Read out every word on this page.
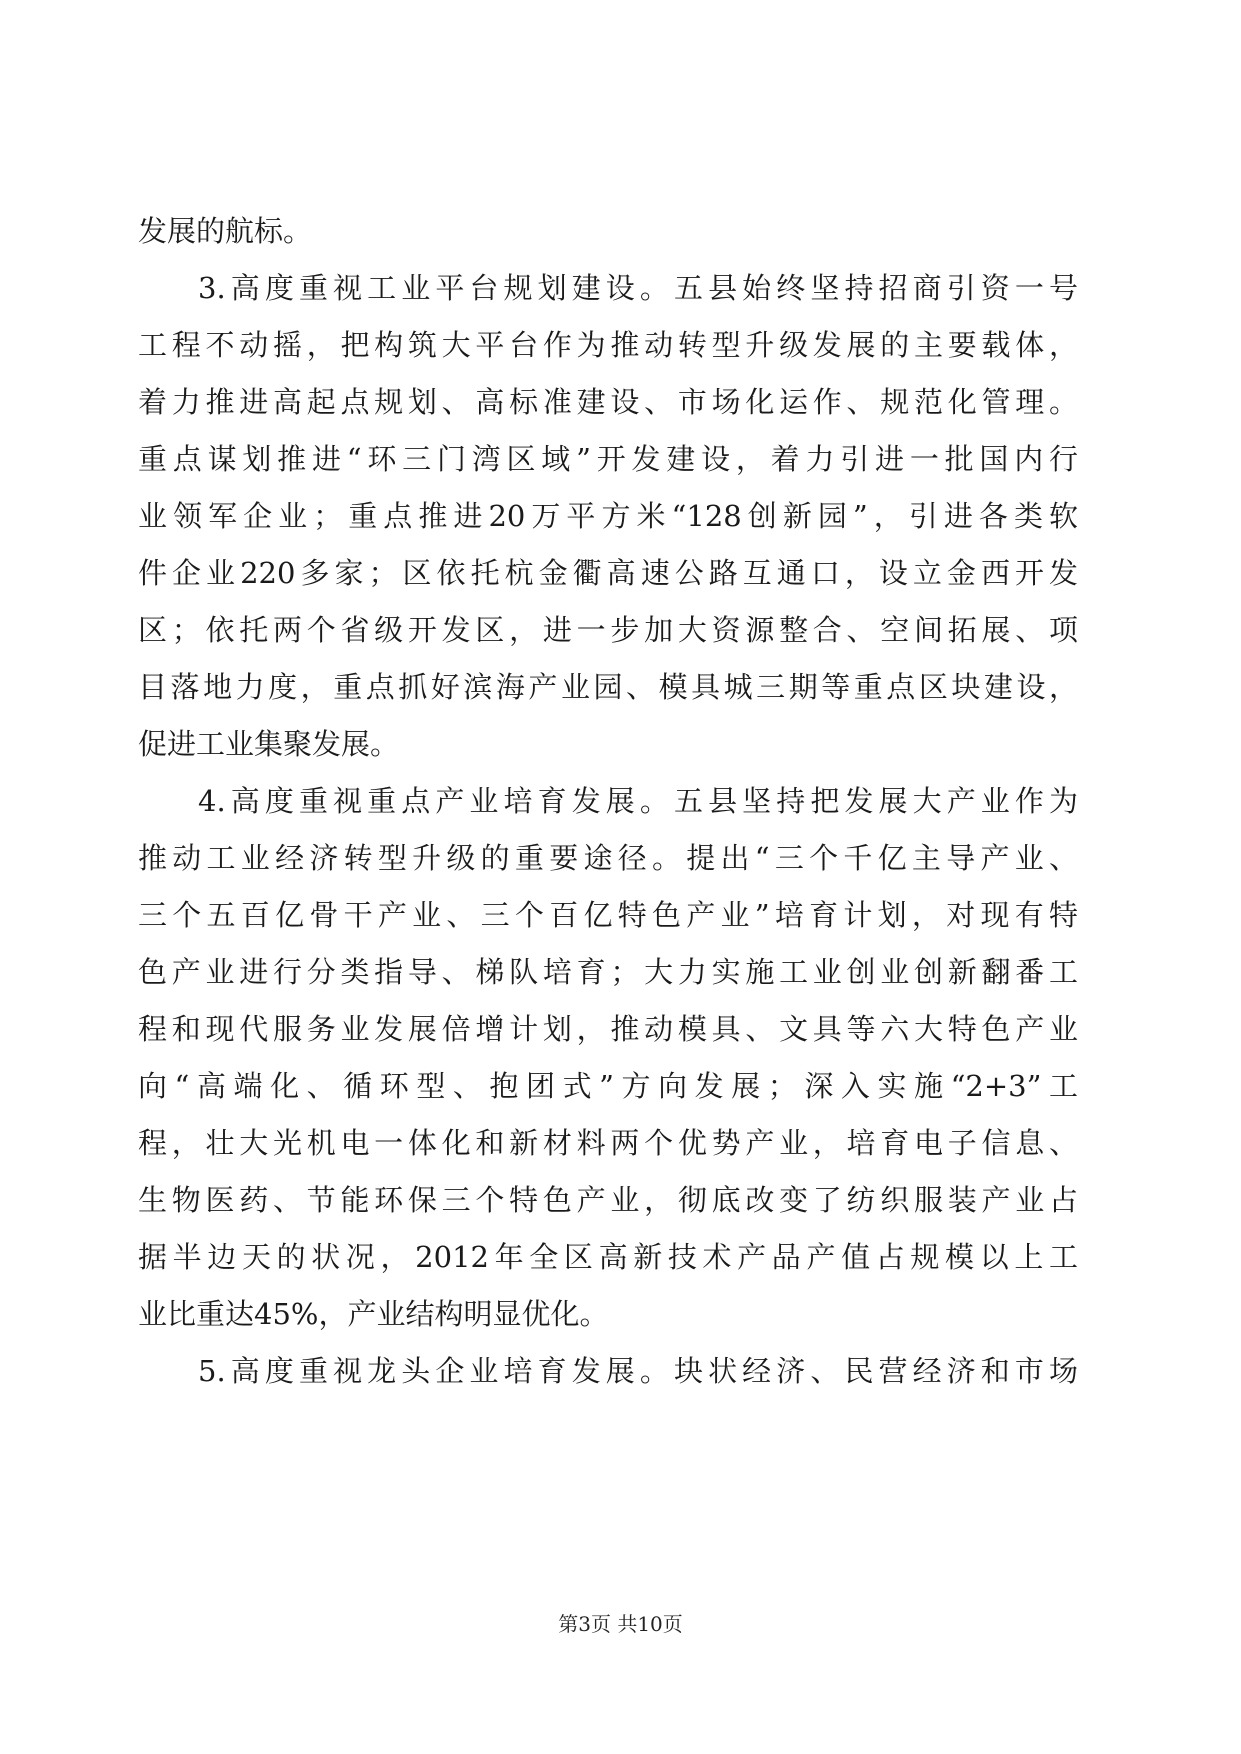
发展的航标。
3.高度重视工业平台规划建设。五县始终坚持招商引资一号
工程不动摇，把构筑大平台作为推动转型升级发展的主要载体，
着力推进高起点规划、高标准建设、市场化运作、规范化管理。
重点谋划推进“环三门湾区域”开发建设，着力引进一批国内行
业领军企业；重点推进20万平方米“128创新园”，引进各类软
件企业220多家；区依托杭金衢高速公路互通口，设立金西开发
区；依托两个省级开发区，进一步加大资源整合、空间拓展、项
目落地力度，重点抓好滨海产业园、模具城三期等重点区块建设，
促进工业集聚发展。
4.高度重视重点产业培育发展。五县坚持把发展大产业作为
推动工业经济转型升级的重要途径。提出“三个千亿主导产业、
三个五百亿骨干产业、三个百亿特色产业”培育计划，对现有特
色产业进行分类指导、梯队培育；大力实施工业创业创新翻番工
程和现代服务业发展倍增计划，推动模具、文具等六大特色产业
向“高端化、循环型、抱团式”方向发展；深入实施“2+3”工
程，壮大光机电一体化和新材料两个优势产业，培育电子信息、
生物医药、节能环保三个特色产业，彻底改变了纺织服装产业占
据半边天的状况，2012年全区高新技术产品产值占规模以上工
业比重达45%，产业结构明显优化。
5.高度重视龙头企业培育发展。块状经济、民营经济和市场
第3页 共10页
